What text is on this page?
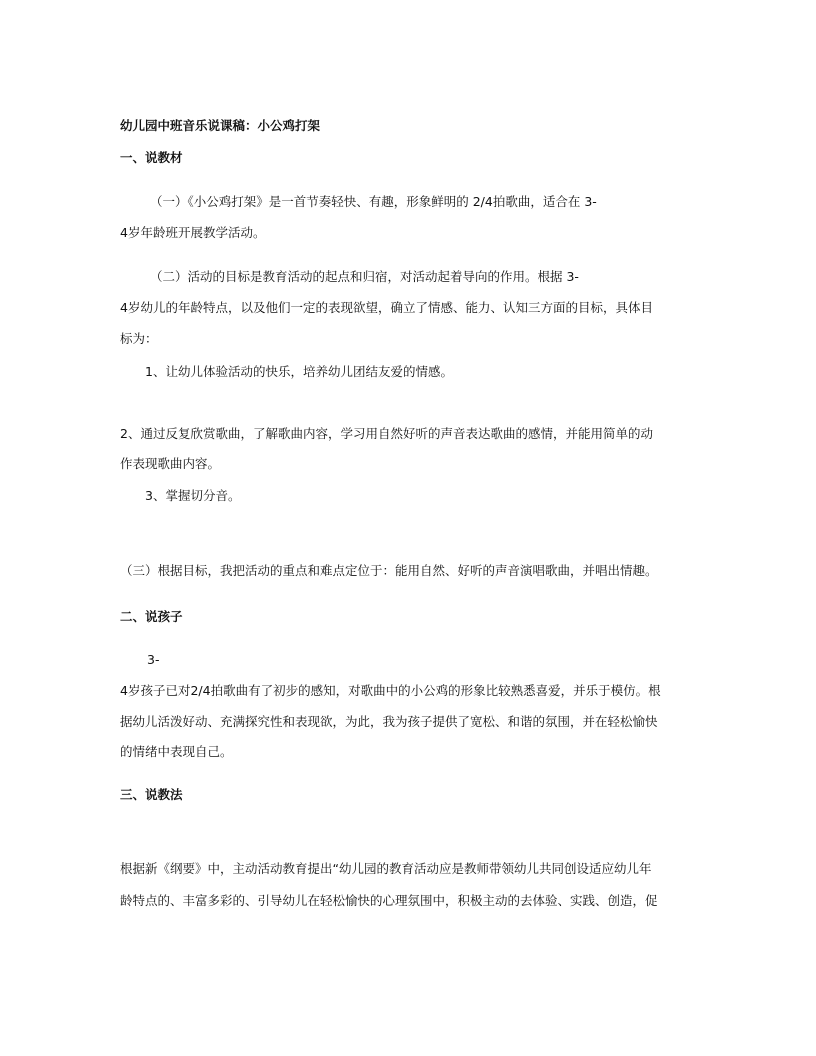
幼儿园中班音乐说课稿：小公鸡打架
一、说教材
（一）《小公鸡打架》是一首节奏轻快、有趣，形象鲜明的 2/4拍歌曲，适合在 3-
4岁年龄班开展教学活动。
（二）活动的目标是教育活动的起点和归宿，对活动起着导向的作用。根据 3-
4岁幼儿的年龄特点，以及他们一定的表现欲望，确立了情感、能力、认知三方面的目标，具体目
标为：
1、让幼儿体验活动的快乐，培养幼儿团结友爱的情感。
2、通过反复欣赏歌曲，了解歌曲内容，学习用自然好听的声音表达歌曲的感情，并能用简单的动
作表现歌曲内容。
3、掌握切分音。
（三）根据目标，我把活动的重点和难点定位于：能用自然、好听的声音演唱歌曲，并唱出情趣。
二、说孩子
3-
4岁孩子已对2/4拍歌曲有了初步的感知，对歌曲中的小公鸡的形象比较熟悉喜爱，并乐于模仿。根
据幼儿活泼好动、充满探究性和表现欲，为此，我为孩子提供了宽松、和谐的氛围，并在轻松愉快
的情绪中表现自己。
三、说教法
根据新《纲要》中，主动活动教育提出“幼儿园的教育活动应是教师带领幼儿共同创设适应幼儿年
龄特点的、丰富多彩的、引导幼儿在轻松愉快的心理氛围中，积极主动的去体验、实践、创造，促
